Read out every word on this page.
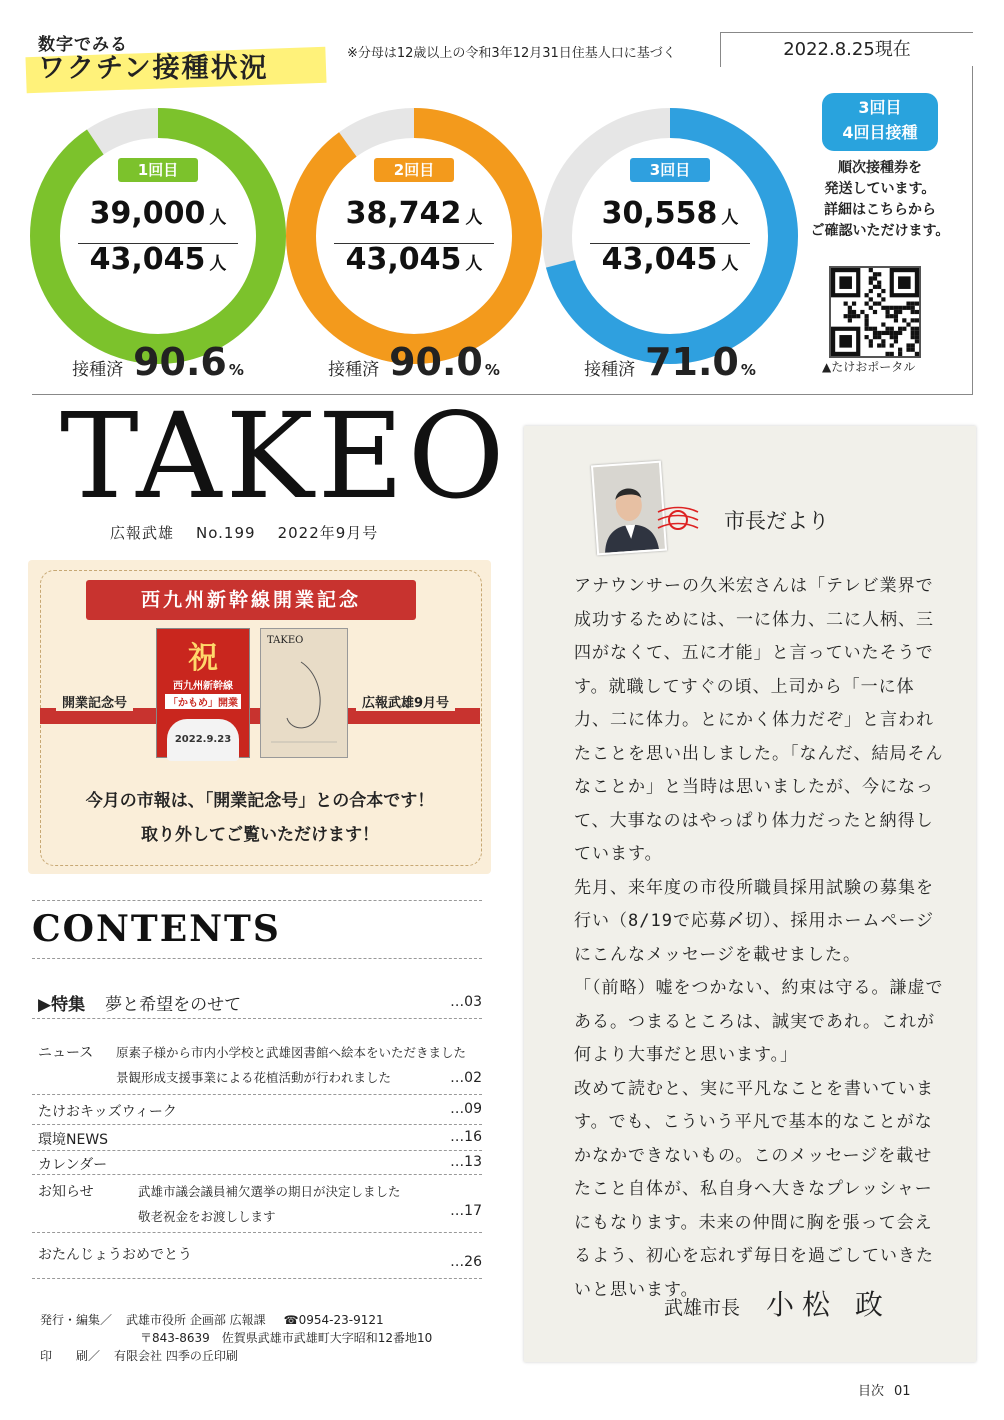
数字でみる
ワクチン接種状況	※分母は12歳以上の令和3年12月31日住基人口に基づく	2022.8.25現在
1回目
39,000 人
43,045 人
接種済 90.6 %
2回目
38,742 人
43,045 人
接種済 90.0 %
3回目
30,558 人
43,045 人
接種済 71.0 %
3回目
4回目接種
順次接種券を
発送しています。
詳細はこちらから
ご確認いただけます。
▲たけおポータル
TAKEO
広報武雄 No.199 2022年9月号
西九州新幹線開業記念
開業記念号	広報武雄9月号
祝
西九州新幹線
「かもめ」開業
2022.9.23
TAKEO
今月の市報は、「開業記念号」との合本です！
取り外してご覧いただけます！
CONTENTS
▶特集 夢と希望をのせて	…03
ニュース 原素子様から市内小学校と武雄図書館へ絵本をいただきました
景観形成支援事業による花植活動が行われました	…02
たけおキッズウィーク	…09
環境NEWS	…16
カレンダー	…13
お知らせ	武雄市議会議員補欠選挙の期日が決定しました
敬老祝金をお渡しします	…17
おたんじょうおめでとう	…26
発行・編集／ 武雄市役所 企画部 広報課 ☎0954-23-9121
〒843-8639　佐賀県武雄市武雄町大字昭和12番地10
印　　刷／ 有限会社 四季の丘印刷
目次 01
市長だより
アナウンサーの久米宏さんは「テレビ業界で成功するためには、一に体力、二に人柄、三四がなくて、五に才能」と言っていたそうです。就職してすぐの頃、上司から「一に体力、二に体力。とにかく体力だぞ」と言われたことを思い出しました。「なんだ、結局そんなことか」と当時は思いましたが、今になって、大事なのはやっぱり体力だったと納得しています。
先月、来年度の市役所職員採用試験の募集を行い（8/19で応募〆切）、採用ホームページにこんなメッセージを載せました。
「（前略）嘘をつかない、約束は守る。謙虚である。つまるところは、誠実であれ。これが何より大事だと思います。」
改めて読むと、実に平凡なことを書いています。でも、こういう平凡で基本的なことがなかなかできないもの。このメッセージを載せたこと自体が、私自身へ大きなプレッシャーにもなります。未来の仲間に胸を張って会えるよう、初心を忘れず毎日を過ごしていきたいと思います。
武雄市長 小松 政
